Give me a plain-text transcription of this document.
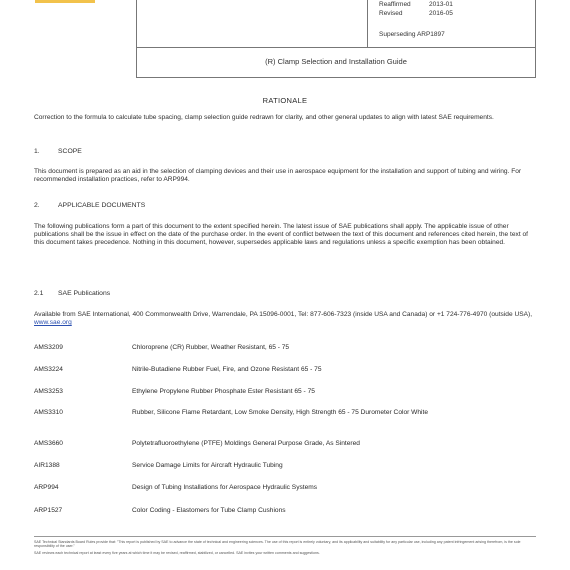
Reaffirmed	2013-01
Revised	2016-05
Superseding ARP1897
(R) Clamp Selection and Installation Guide
RATIONALE
Correction to the formula to calculate tube spacing, clamp selection guide redrawn for clarity, and other general updates to align with latest SAE requirements.
1.	SCOPE
This document is prepared as an aid in the selection of clamping devices and their use in aerospace equipment for the installation and support of tubing and wiring. For recommended installation practices, refer to ARP994.
2.	APPLICABLE DOCUMENTS
The following publications form a part of this document to the extent specified herein. The latest issue of SAE publications shall apply. The applicable issue of other publications shall be the issue in effect on the date of the purchase order. In the event of conflict between the text of this document and references cited herein, the text of this document takes precedence. Nothing in this document, however, supersedes applicable laws and regulations unless a specific exemption has been obtained.
2.1 SAE Publications
Available from SAE International, 400 Commonwealth Drive, Warrendale, PA 15096-0001, Tel: 877-606-7323 (inside USA and Canada) or +1 724-776-4970 (outside USA), www.sae.org
AMS3209	Chloroprene (CR) Rubber, Weather Resistant, 65 - 75
AMS3224	Nitrile-Butadiene Rubber Fuel, Fire, and Ozone Resistant 65 - 75
AMS3253	Ethylene Propylene Rubber Phosphate Ester Resistant 65 - 75
AMS3310	Rubber, Silicone Flame Retardant, Low Smoke Density, High Strength 65 - 75 Durometer Color White
AMS3660	Polytetrafluoroethylene (PTFE) Moldings General Purpose Grade, As Sintered
AIR1388	Service Damage Limits for Aircraft Hydraulic Tubing
ARP994	Design of Tubing Installations for Aerospace Hydraulic Systems
ARP1527	Color Coding - Elastomers for Tube Clamp Cushions
SAE Technical Standards Board Rules provide that: "This report is published by SAE to advance the state of technical and engineering sciences. The use of this report is entirely voluntary, and its applicability and suitability for any particular use, including any patent infringement arising therefrom, is the sole responsibility of the user."
SAE reviews each technical report at least every five years at which time it may be revised, reaffirmed, stabilized, or cancelled. SAE invites your written comments and suggestions.
